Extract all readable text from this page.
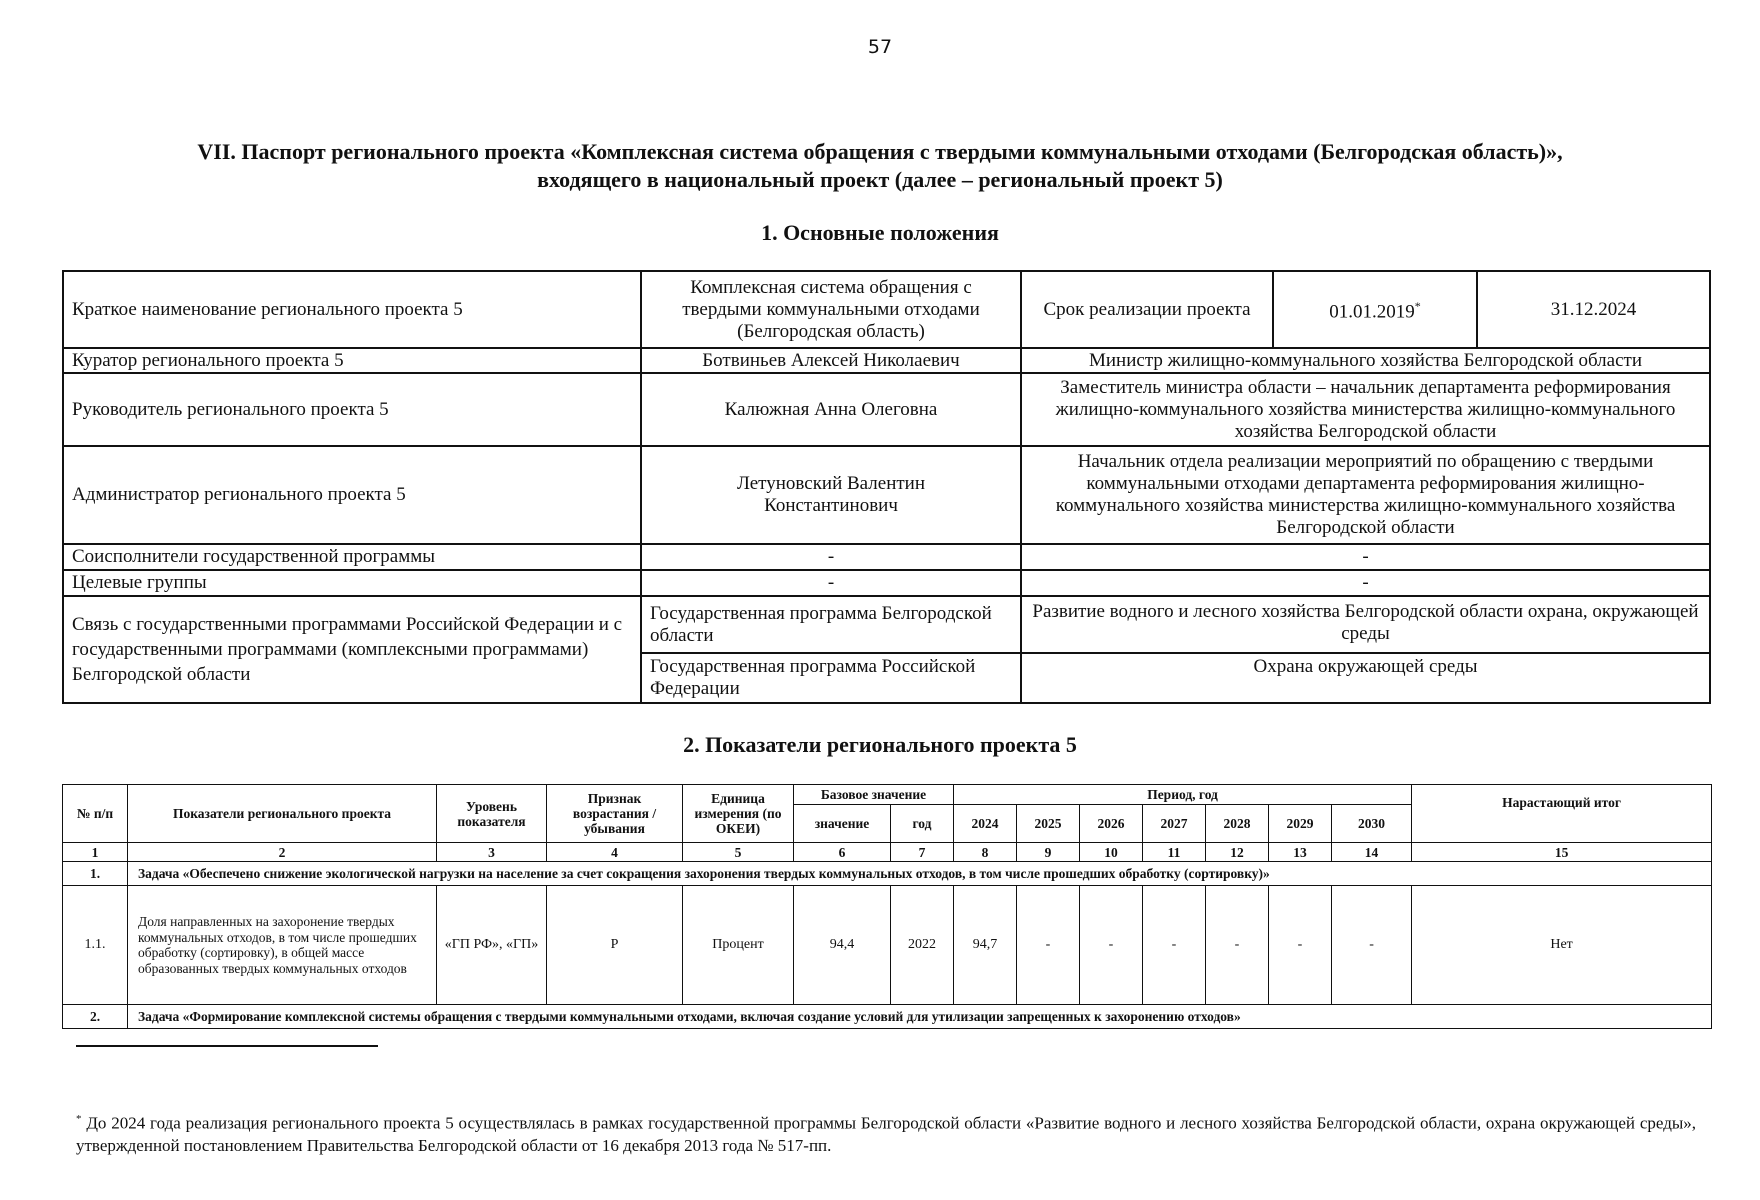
57
VII. Паспорт регионального проекта «Комплексная система обращения с твердыми коммунальными отходами (Белгородская область)»,
входящего в национальный проект (далее – региональный проект 5)
1. Основные положения
Краткое наименование регионального проекта 5	Комплексная система обращения с твердыми коммунальными отходами (Белгородская область)	Срок реализации проекта	01.01.2019*	31.12.2024
Куратор регионального проекта 5	Ботвиньев Алексей Николаевич	Министр жилищно-коммунального хозяйства Белгородской области		
Руководитель регионального проекта 5	Калюжная Анна Олеговна	Заместитель министра области – начальник департамента реформирования жилищно-коммунального хозяйства министерства жилищно-коммунального хозяйства Белгородской области		
Администратор регионального проекта 5	Летуновский Валентин Константинович	Начальник отдела реализации мероприятий по обращению с твердыми коммунальными отходами департамента реформирования жилищно-коммунального хозяйства министерства жилищно-коммунального хозяйства Белгородской области		
Соисполнители государственной программы	-	-		
Целевые группы	-	-		
Связь с государственными программами Российской Федерации и с государственными программами (комплексными программами) Белгородской области	Государственная программа Белгородской области	Развитие водного и лесного хозяйства Белгородской области охрана, окружающей среды		
	Государственная программа Российской Федерации	Охрана окружающей среды		
2. Показатели регионального проекта 5
№ п/п	Показатели регионального проекта	Уровень показателя	Признак возрастания / убывания	Единица измерения (по ОКЕИ)	Базовое значение		Период, год							Нарастающий итог
					значение	год	2024	2025	2026	2027	2028	2029	2030	
1	2	3	4	5	6	7	8	9	10	11	12	13	14	15
1.	Задача «Обеспечено снижение экологической нагрузки на население за счет сокращения захоронения твердых коммунальных отходов, в том числе прошедших обработку (сортировку)»													
1.1.	Доля направленных на захоронение твердых коммунальных отходов, в том числе прошедших обработку (сортировку), в общей массе образованных твердых коммунальных отходов	«ГП РФ», «ГП»	Р	Процент	94,4	2022	94,7	-	-	-	-	-	-	Нет
2.	Задача «Формирование комплексной системы обращения с твердыми коммунальными отходами, включая создание условий для утилизации запрещенных к захоронению отходов»													
* До 2024 года реализация регионального проекта 5 осуществлялась в рамках государственной программы Белгородской области «Развитие водного и лесного хозяйства Белгородской области, охрана окружающей среды», утвержденной постановлением Правительства Белгородской области от 16 декабря 2013 года № 517-пп.
